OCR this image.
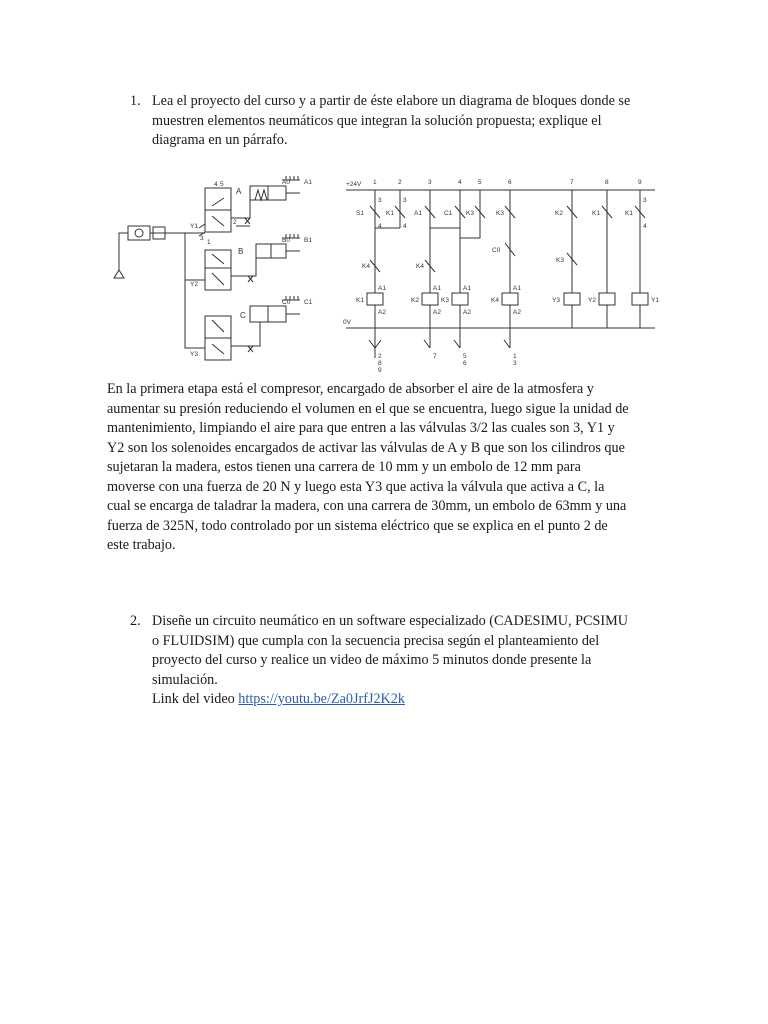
1. Lea el proyecto del curso y a partir de éste elabore un diagrama de bloques donde se
muestren elementos neumáticos que integran la solución propuesta; explique el
diagrama en un párrafo.
A
B
C
A0 A1
B0 B1
C0 C1
1
2
3
4 5
Y1
Y2
Y3
+24V
0V
1	2	3	4	5	6	7	8	9
S1	K1	A1	C1 K3	K3	K2	K1	K1
K4	K4
C0
K3
K1	K2	K3	K4	Y3	Y2	Y1
A1	A1	A1	A1
A2	A2	A2	A2
3
4
3
4
3
4
2
8
9
7	5
6
1
3
En la primera etapa está el compresor, encargado de absorber el aire de la atmosfera y
aumentar su presión reduciendo el volumen en el que se encuentra, luego sigue la unidad de
mantenimiento, limpiando el aire para que entren a las válvulas 3/2 las cuales son 3, Y1 y
Y2 son los solenoides encargados de activar las válvulas de A y B que son los cilindros que
sujetaran la madera, estos tienen una carrera de 10 mm y un embolo de 12 mm para
moverse con una fuerza de 20 N y luego esta Y3 que activa la válvula que activa a C, la
cual se encarga de taladrar la madera, con una carrera de 30mm, un embolo de 63mm y una
fuerza de 325N, todo controlado por un sistema eléctrico que se explica en el punto 2 de
este trabajo.
2. Diseñe un circuito neumático en un software especializado (CADESIMU, PCSIMU
o FLUIDSIM) que cumpla con la secuencia precisa según el planteamiento del
proyecto del curso y realice un video de máximo 5 minutos donde presente la
simulación.
Link del video https://youtu.be/Za0JrfJ2K2k
